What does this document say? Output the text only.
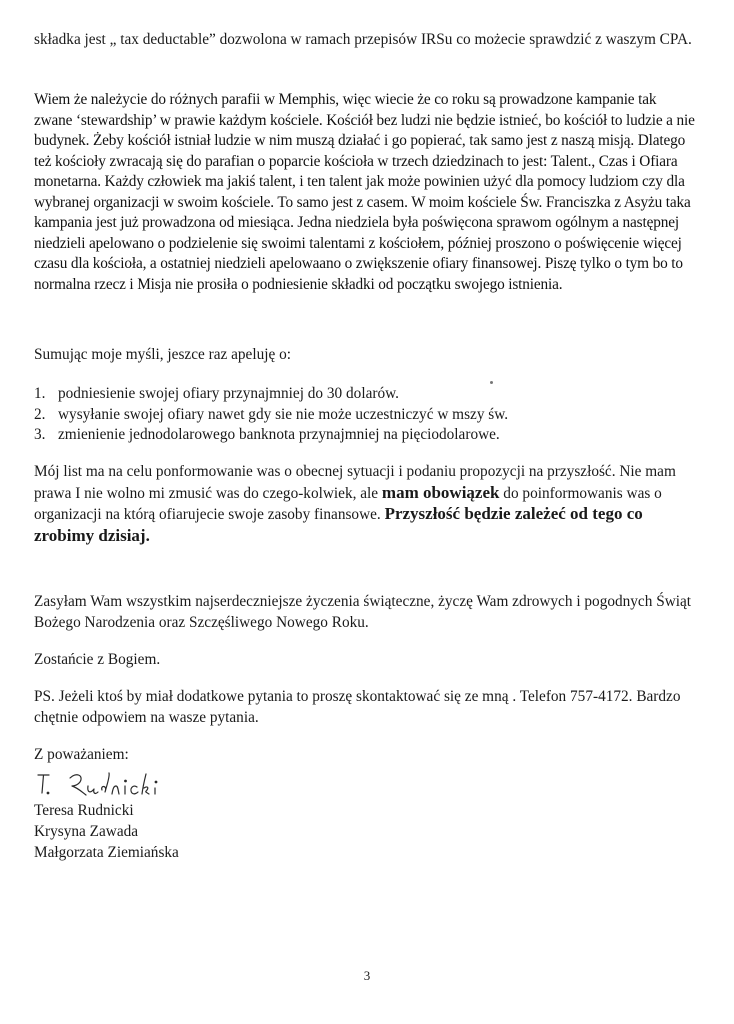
składka jest „ tax deductable” dozwolona w ramach przepisów IRSu co możecie sprawdzić z waszym CPA.

Wiem że należycie do różnych parafii w Memphis, więc wiecie że co roku są prowadzone kampanie tak zwane ‘stewardship’ w prawie każdym kościele. Kościół bez ludzi nie będzie istnieć, bo kościół to ludzie a nie budynek. Żeby kościół istniał ludzie w nim muszą działać i go popierać, tak samo jest z naszą misją. Dlatego też kościoły zwracają się do parafian o poparcie kościoła w trzech dziedzinach to jest: Talent., Czas i Ofiara monetarna. Każdy człowiek ma jakiś talent, i ten talent jak może powinien użyć dla pomocy ludziom czy dla wybranej organizacji w swoim kościele. To samo jest z casem. W moim kościele Św. Franciszka z Asyżu taka kampania jest już prowadzona od miesiąca. Jedna niedziela była poświęcona sprawom ogólnym a następnej niedzieli apelowano o podzielenie się swoimi talentami z kościołem, później proszono o poświęcenie więcej czasu dla kościoła, a ostatniej niedzieli apelowaano o zwiększenie ofiary finansowej. Piszę tylko o tym bo to normalna rzecz i Misja nie prosiła o podniesienie składki od początku swojego istnienia.

Sumując moje myśli, jeszce raz apeluję o:

1. podniesienie swojej ofiary przynajmniej do 30 dolarów.
2. wysyłanie swojej ofiary nawet gdy sie nie może uczestniczyć w mszy św.
3. zmienienie jednodolarowego banknota przynajmniej na pięciodolarowe.

Mój list ma na celu ponformowanie was o obecnej sytuacji i podaniu propozycji na przyszłość. Nie mam prawa I nie wolno mi zmusić was do czego-kolwiek, ale mam obowiązek do poinformowanis was o organizacji na którą ofiarujecie swoje zasoby finansowe. Przyszłość będzie zależeć od tego co zrobimy dzisiaj.

Zasyłam Wam wszystkim najserdeczniejsze życzenia świąteczne, życzę Wam zdrowych i pogodnych Świąt Bożego Narodzenia oraz Szczęśliwego Nowego Roku.

Zostańcie z Bogiem.

PS. Jeżeli ktoś by miał dodatkowe pytania to proszę skontaktować się ze mną . Telefon 757-4172. Bardzo chętnie odpowiem na wasze pytania.

Z poważaniem:

Teresa Rudnicki
Krysyna Zawada
Małgorzata Ziemiańska
3
